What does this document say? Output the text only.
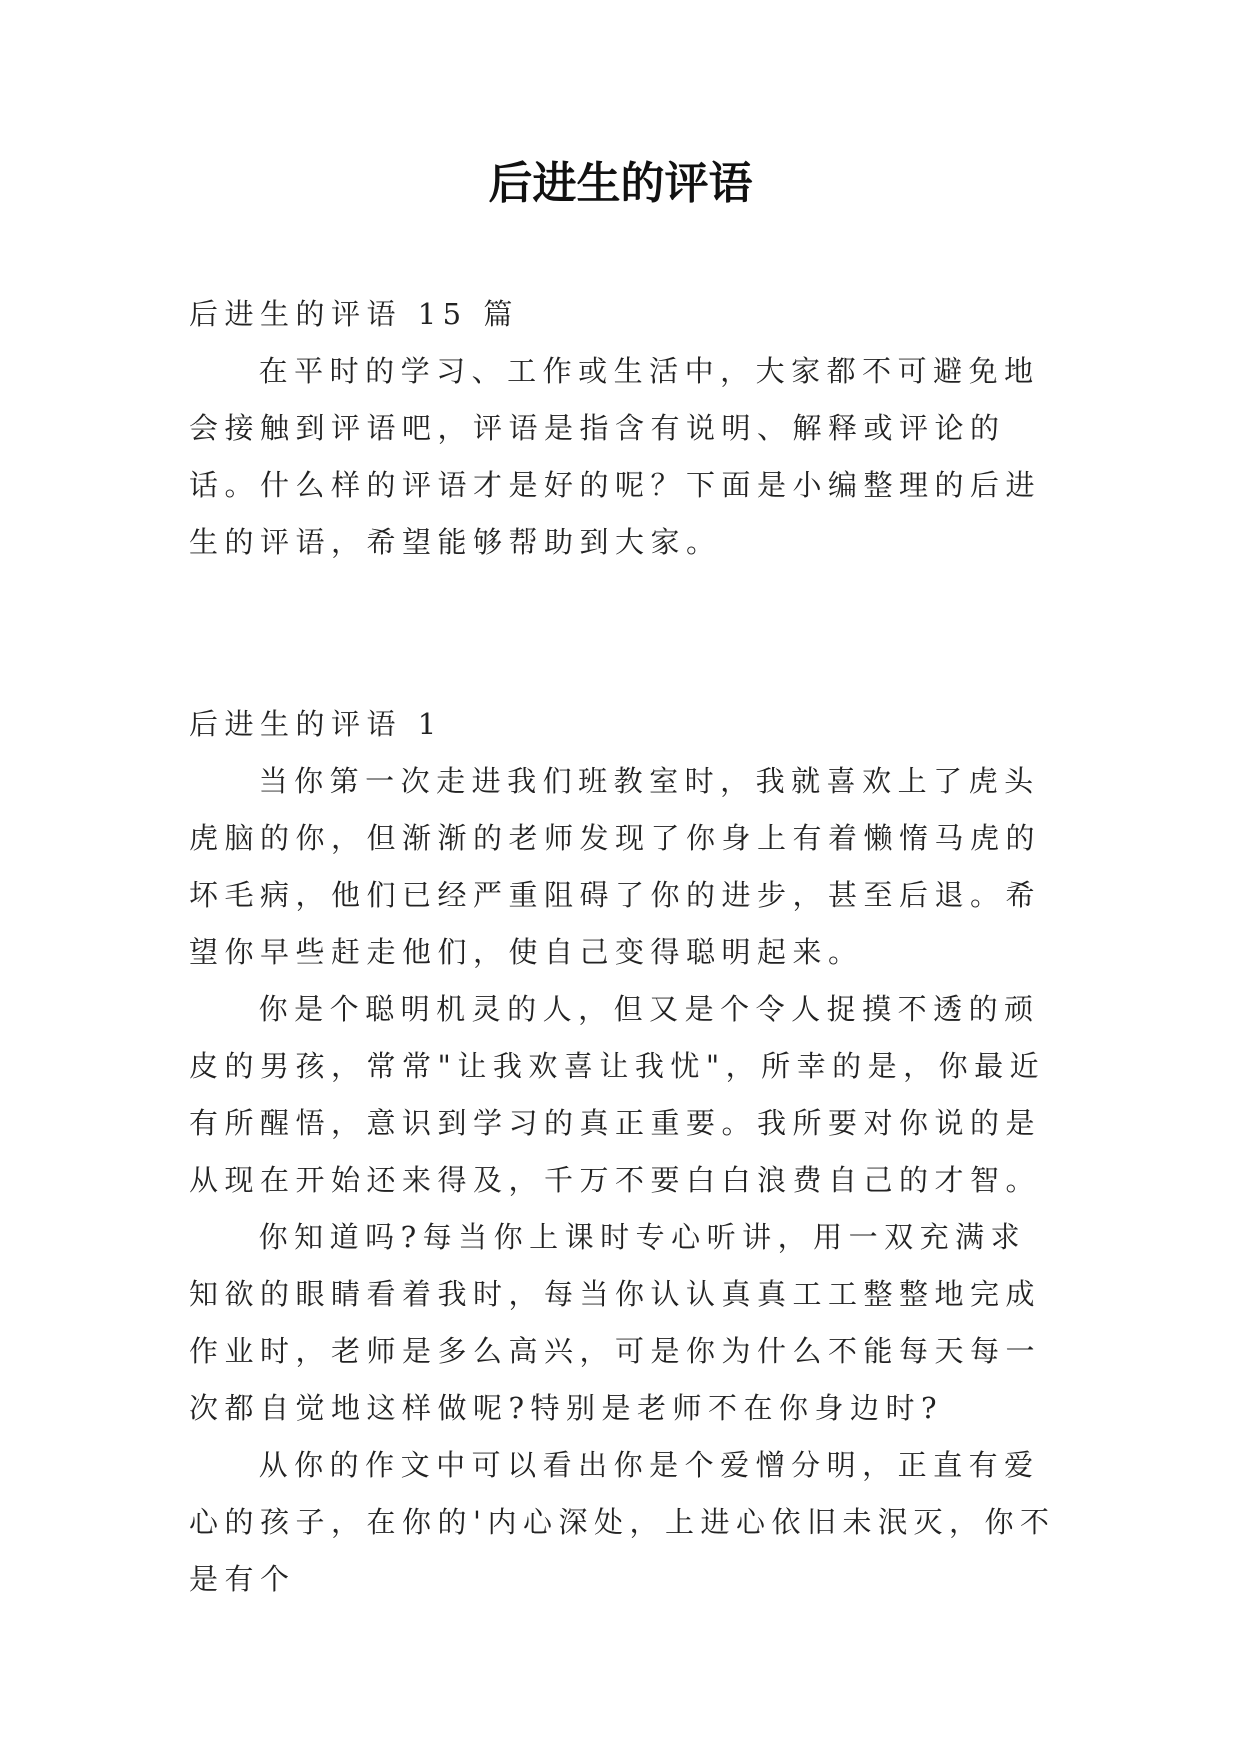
后进生的评语

后进生的评语 15 篇

在平时的学习、工作或生活中，大家都不可避免地会接触到评语吧，评语是指含有说明、解释或评论的话。什么样的评语才是好的呢？下面是小编整理的后进生的评语，希望能够帮助到大家。

后进生的评语 1

当你第一次走进我们班教室时，我就喜欢上了虎头虎脑的你，但渐渐的老师发现了你身上有着懒惰马虎的坏毛病，他们已经严重阻碍了你的进步，甚至后退。希望你早些赶走他们，使自己变得聪明起来。

你是个聪明机灵的人，但又是个令人捉摸不透的顽皮的男孩，常常"让我欢喜让我忧"，所幸的是，你最近有所醒悟，意识到学习的真正重要。我所要对你说的是从现在开始还来得及，千万不要白白浪费自己的才智。

你知道吗?每当你上课时专心听讲，用一双充满求知欲的眼睛看着我时，每当你认认真真工工整整地完成作业时，老师是多么高兴，可是你为什么不能每天每一次都自觉地这样做呢?特别是老师不在你身边时?

从你的作文中可以看出你是个爱憎分明，正直有爱心的孩子，在你的'内心深处，上进心依旧未泯灭，你不是有个
